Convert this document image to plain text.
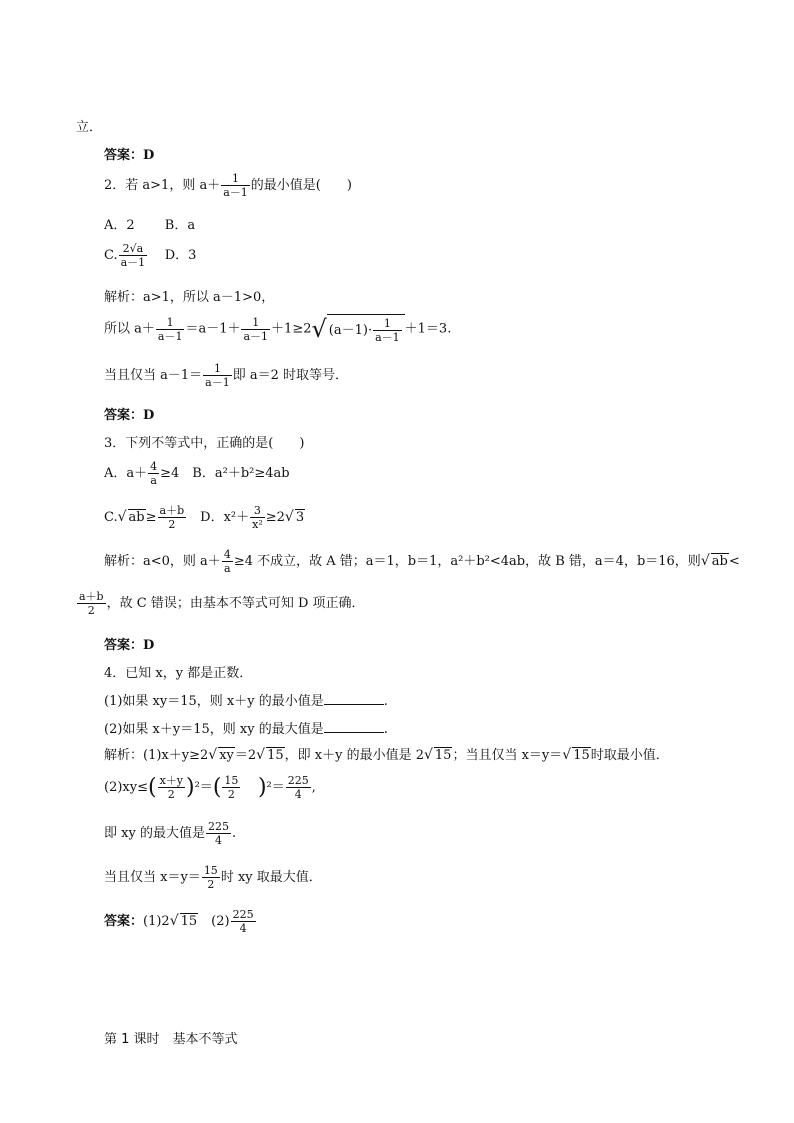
立．
答案：D
2．若 a>1，则 $a+ \frac{1}{a-1}$ 的最小值是(　　)
A．2　　 B．a
C. $\frac{2√a}{a-1}$ D．3
解析：a>1，所以 a－1>0，
所以 $a+ \frac{1}{a-1} =a-1+ \frac{1}{a-1} +1\ge 2√$ $(a-1)\cdot \frac{1}{a-1} +1=3$.
当且仅当 $a-1= \frac{1}{a-1}$ 即 a＝2 时取等号．
答案：D
3．下列不等式中，正确的是(　　)
A．$a+ \frac{4}{a} \ge 4$　B．a²＋b²≥4ab
C.√ $ab\ge \frac{a+b}{2}$ 　D．$x^2+ \frac{3}{\text{x²}} \ge 2√$ 3
解析：a<0，则 $a+ \frac{4}{a} \ge 4$ 不成立，故 A 错；a＝1，b＝1，a²＋b²<4ab，故 B 错，a＝4，b＝16，则√ ab<
$\frac{a+b}{2}$ ，故 C 错误；由基本不等式可知 D 项正确．
答案：D
4．已知 x，y 都是正数．
(1)如果 xy＝15，则 x＋y 的最小值是	.
(2)如果 x＋y＝15，则 xy 的最大值是	.
解析：(1)x＋y≥2√ xy＝2√ 15，即 x＋y 的最小值是 2√ 15；当且仅当 x＝y＝√ 15时取最小值．
$(2)xy\le( \frac{x+y}{2} )^2=( \frac{15}{2} )^2= \frac{225}{4}$ ,
即 xy 的最大值是 $\frac{225}{4}$ .
当且仅当 $x=y= \frac{15}{2}$ 时 xy 取最大值．
答案：(1)2√ 15　$(2) \frac{225}{4}$
第 1 课时　基本不等式
